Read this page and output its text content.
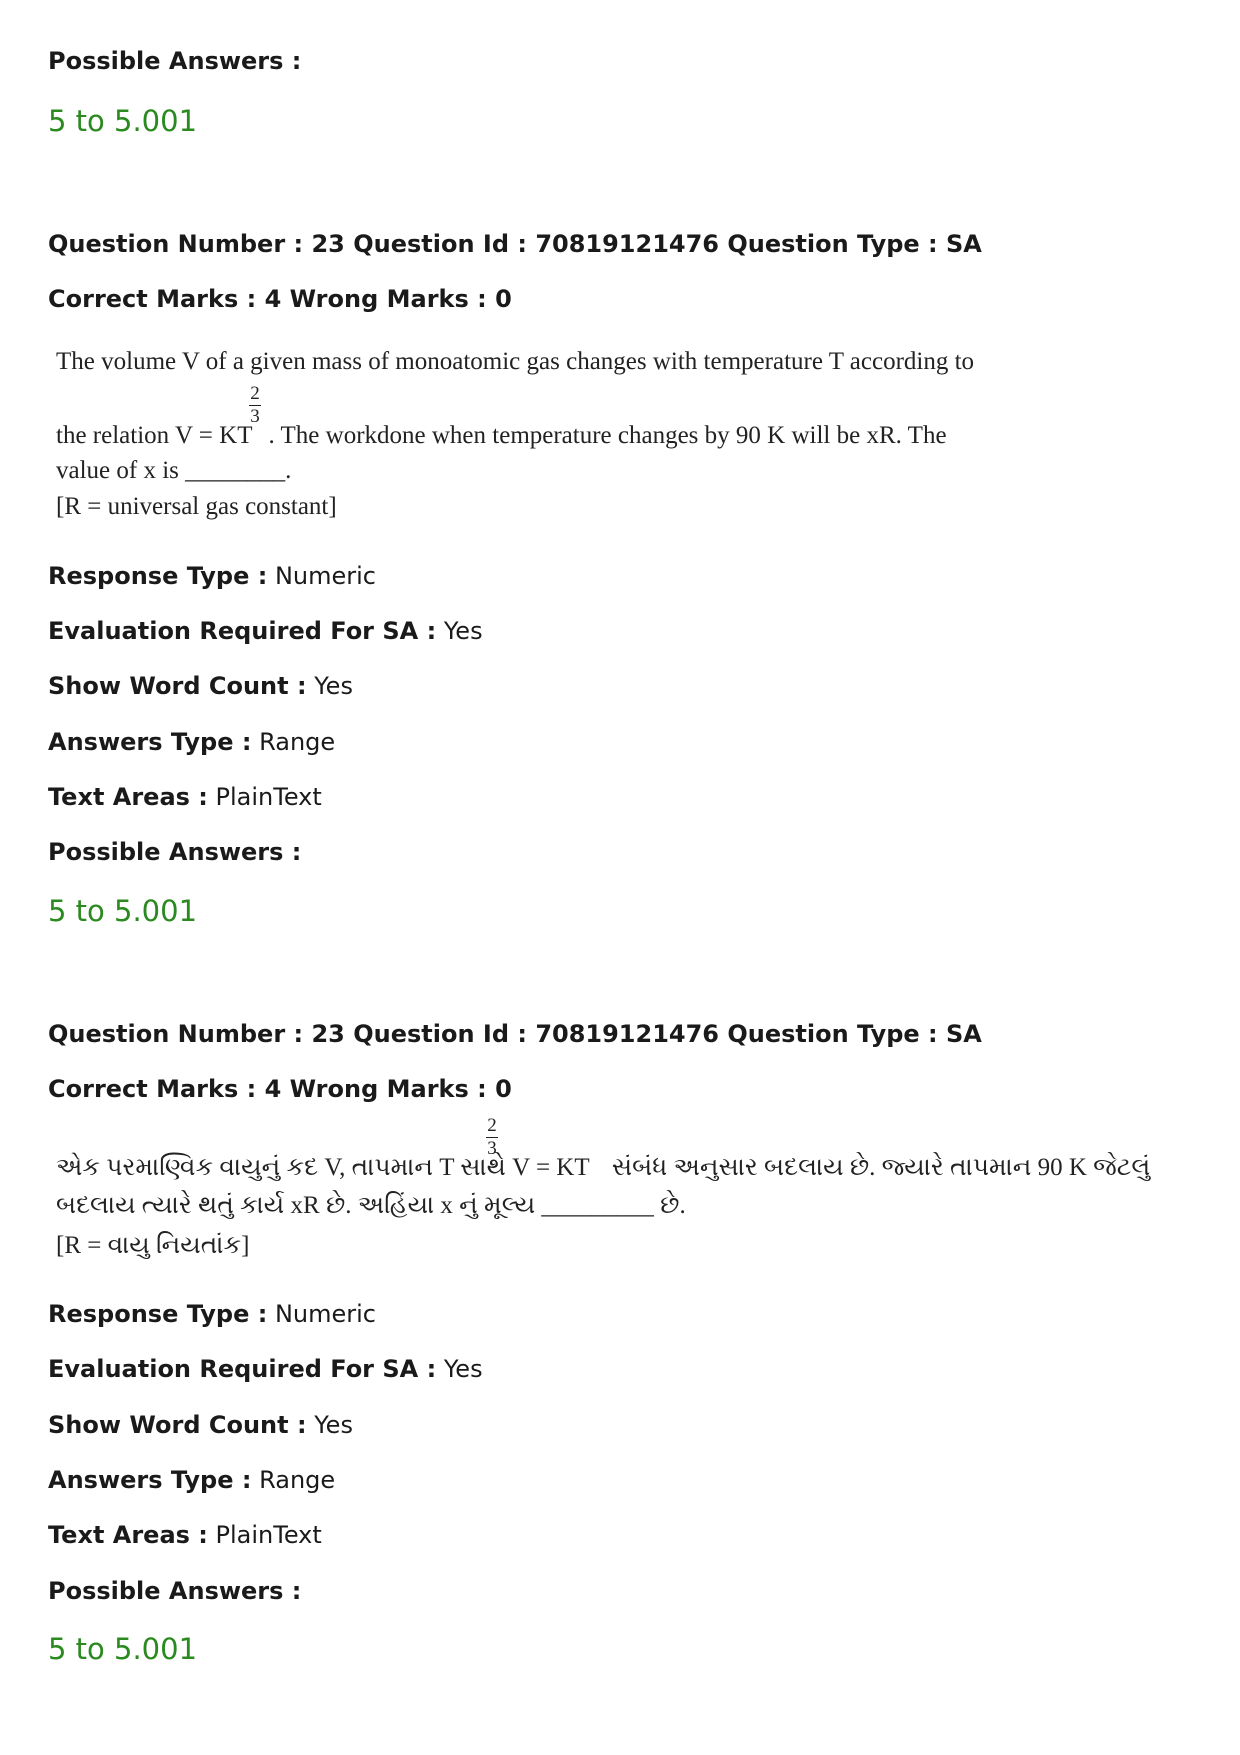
Possible Answers :
5 to 5.001
Question Number : 23 Question Id : 70819121476 Question Type : SA
Correct Marks : 4 Wrong Marks : 0
The volume V of a given mass of monoatomic gas changes with temperature T according to
the relation V = KT . The workdone when temperature changes by 90 K will be xR. The
2
3
value of x is ________.
[R = universal gas constant]
Response Type : Numeric
Evaluation Required For SA : Yes
Show Word Count : Yes
Answers Type : Range
Text Areas : PlainText
Possible Answers :
5 to 5.001
Question Number : 23 Question Id : 70819121476 Question Type : SA
Correct Marks : 4 Wrong Marks : 0
એક પરમાણ્વિક વાયુનું કદ V, તાપમાન T સાથે V = KT સંબંધ અનુસાર બદલાય છે. જ્યારે તાપમાન 90 K જેટલું
2
3
બદલાય ત્યારે થતું કાર્ય xR છે. અહિંયા x નું મૂલ્ય _________ છે.
[R = વાયુ નિયતાંક]
Response Type : Numeric
Evaluation Required For SA : Yes
Show Word Count : Yes
Answers Type : Range
Text Areas : PlainText
Possible Answers :
5 to 5.001
